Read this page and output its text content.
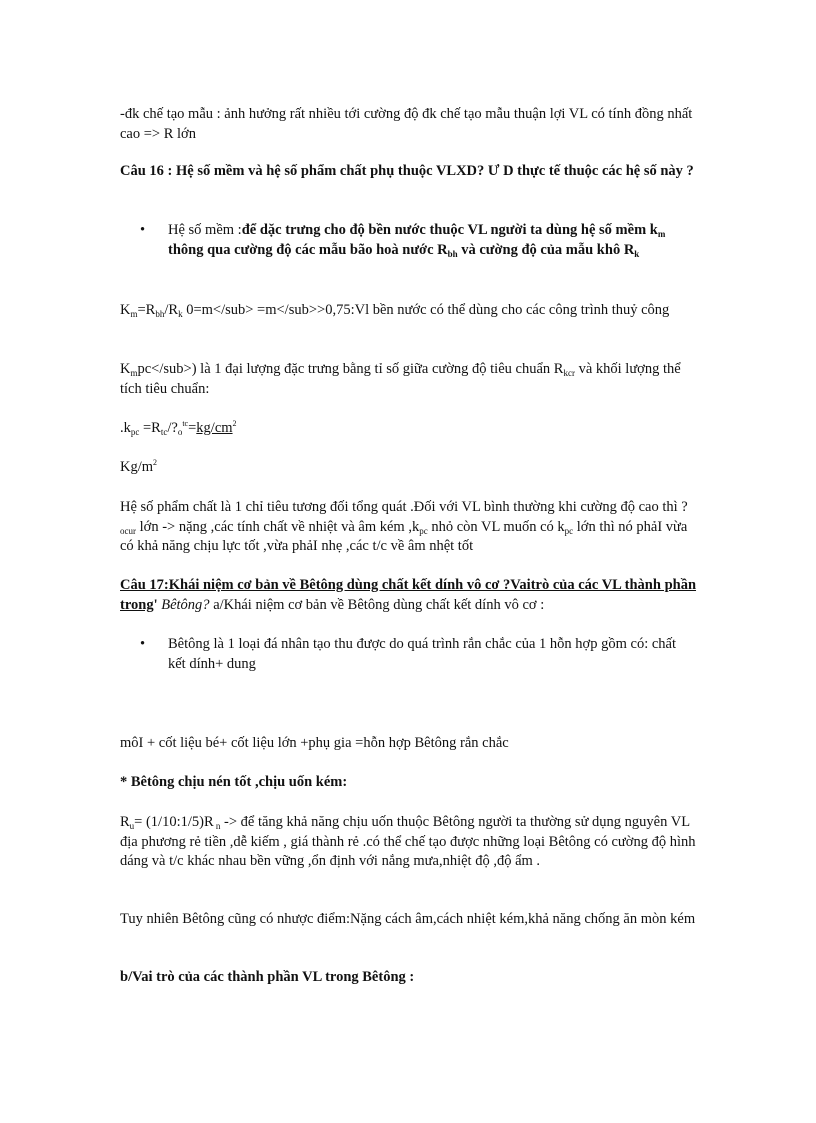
-đk chế tạo mẫu : ảnh hưởng rất nhiều tới cường độ đk chế tạo mẫu thuận lợi VL có tính đồng nhất cao => R lớn

Câu 16 : Hệ số mềm và hệ số phẩm chất phụ thuộc VLXD? Ư D thực tế thuộc các hệ số này ?

•	Hệ số mềm :để dặc trưng cho độ bền nước thuộc VL người ta dùng hệ số mềm $k_m$ thông qua cường độ các mẫu bão hoà nước $R_{bh}$ và cường độ của mẫu khô $R_k$

$K_m=R_{bh}/R_k$ 0=m</sub> =m</sub>>0,75:Vl bền nước có thể dùng cho các công trình thuỷ công

$K_mpc</sub>$) là 1 đại lượng đặc trưng bằng tỉ số giữa cường độ tiêu chuẩn $R_{kcr}$ và khối lượng thể tích tiêu chuẩn:

$.k_{pc}$ $=R_{tc}/?_o^{tc}=kg/cm^2$

$Kg/m^2$

Hệ số phẩm chất là 1 chỉ tiêu tương đối tổng quát .Đối với VL bình thường khi cường độ cao thì $?_{ocur}$ lớn -> nặng ,các tính chất về nhiệt và âm kém $,k_{pc}$ nhỏ còn VL muốn có $k_{pc}$ lớn thì nó phảI vừa có khả năng chịu lực tốt ,vừa phảI nhẹ ,các t/c về âm nhệt tốt

Câu 17:Khái niệm cơ bản về Bêtông dùng chất kết dính vô cơ ?Vaitrò của các VL thành phần trong' Bêtông? a/Khái niệm cơ bản về Bêtông dùng chất kết dính vô cơ :

•	Bêtông là 1 loại đá nhân tạo thu được do quá trình rắn chắc của 1 hỗn hợp gồm có: chất kết dính+ dung

môI + cốt liệu bé+ cốt liệu lớn +phụ gia =hỗn hợp Bêtông rắn chắc

* Bêtông chịu nén tốt ,chịu uốn kém:

$R_u=$ (1/10:1/5)R $_n$ -> để tăng khả năng chịu uốn thuộc Bêtông người ta thường sử dụng nguyên VL địa phương rẻ tiền ,dễ kiếm , giá thành rẻ .có thể chế tạo được những loại Bêtông có cường độ hình dáng và t/c khác nhau bền vững ,ổn định với nắng mưa,nhiệt độ ,độ ẩm .

Tuy nhiên Bêtông cũng có nhược điểm:Nặng cách âm,cách nhiệt kém,khả năng chống ăn mòn kém

b/Vai trò của các thành phần VL trong Bêtông :
